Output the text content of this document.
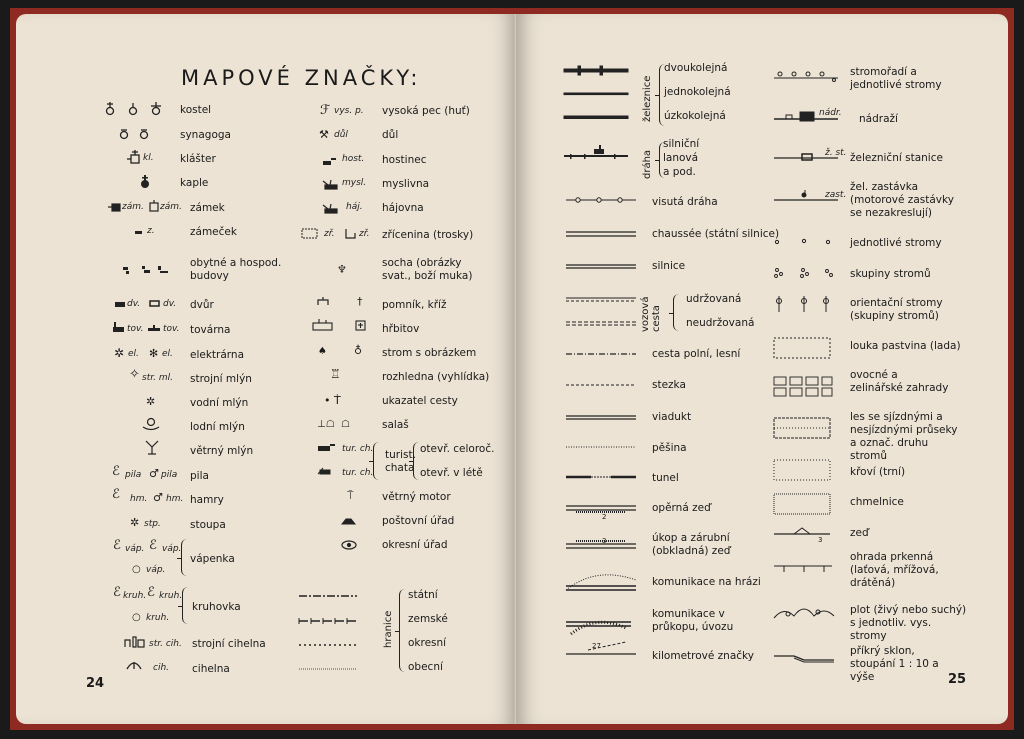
MAPOVÉ ZNAČKY:
24
kostel
synagoga
kl.	klášter
kaple
zám. zám. zámek
z.	zámeček
obytné a hospod. budovy
dv.	dv. dvůr
tov. tov. továrna
✲ el. ✻ el. elektrárna
✧ str. ml. strojní mlýn
✲	vodní mlýn
lodní mlýn
větrný mlýn
ℰ pila ♂ pila pila
ℰ hm. ♂ hm. hamry
✲ stp.	stoupa
ℰ váp. ℰ váp.
○ váp.
vápenka
ℰ kruh. ℰ kruh.
○ kruh.
kruhovka
str. cih. strojní cihelna
cih. cihelna
ℱ vys. p. vysoká pec (huť)
⚒ důl	důl
host. hostinec
mysl. myslivna
háj. hájovna
zř.	zř. zřícenina (trosky)
♆	socha (obrázky svat., boží muka)
† pomník, kříž
hřbitov
♠ ♁ strom s obrázkem
♖	rozhledna (vyhlídka)
• Ṫ	ukazatel cesty
⊥☖  ☖	salaš
tur. ch.
tur. ch.
turist. chata
otevř. celoroč.
otevř. v létě
⍑	větrný motor
poštovní úřad
okresní úřad
hranice
státní
zemské
okresní
obecní
25
železnice
dvoukolejná
jednokolejná
úzkokolejná
dráha
silniční
lanová
a pod.
2
3
27
visutá dráha
chaussée (státní silnice)
silnice
vozová cesta
udržovaná
neudržovaná
cesta polní, lesní
stezka
viadukt
pěšina
tunel
opěrná zeď
úkop a zárubní (obkladná) zeď
komunikace na hrázi
komunikace v průkopu, úvozu
kilometrové značky
3
nádr.
ž. st.
zast.
stromořadí a jednotlivé stromy
nádraží
železniční stanice
žel. zastávka (motorové zastávky se nezakreslují)
jednotlivé stromy
skupiny stromů
orientační stromy (skupiny stromů)
louka pastvina (lada)
ovocné a zelinářské zahrady
les se sjízdnými a nesjízdnými průseky a označ. druhu stromů
křoví (trní)
chmelnice
zeď
ohrada prkenná (laťová, mřížová, drátěná)
plot (živý nebo suchý) s jednotliv. vys. stromy
příkrý sklon, stoupání 1 : 10 a výše
